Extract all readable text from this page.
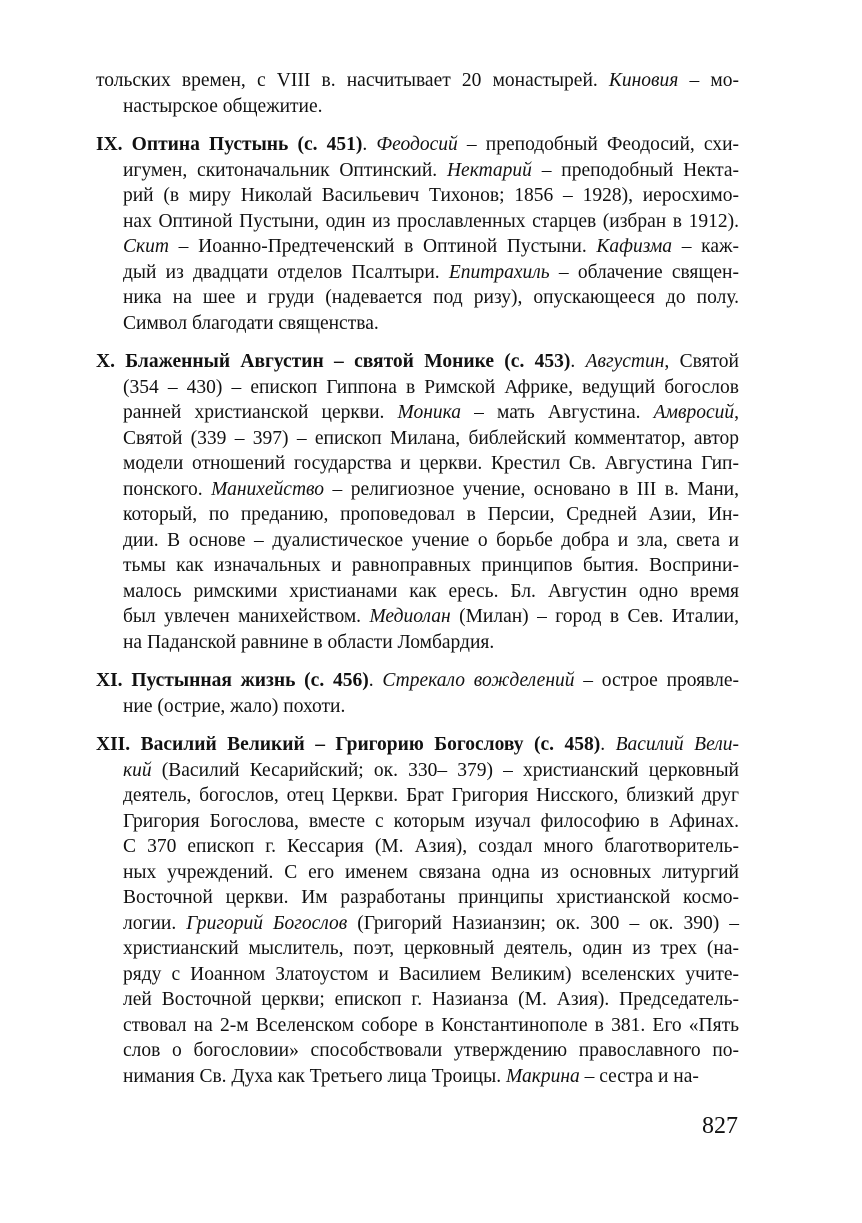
тольских времен, с VIII в. насчитывает 20 монастырей. Киновия – мо-
настырское общежитие.
IX. Оптина Пустынь (с. 451). Феодосий – преподобный Феодосий, схи-
игумен, скитоначальник Оптинский. Нектарий – преподобный Некта-
рий (в миру Николай Васильевич Тихонов; 1856 – 1928), иеросхимо-
нах Оптиной Пустыни, один из прославленных старцев (избран в 1912).
Скит – Иоанно-Предтеченский в Оптиной Пустыни. Кафизма – каж-
дый из двадцати отделов Псалтыри. Епитрахиль – облачение священ-
ника на шее и груди (надевается под ризу), опускающееся до полу.
Символ благодати священства.
X. Блаженный Августин – святой Монике (с. 453). Августин, Святой
(354 – 430) – епископ Гиппона в Римской Африке, ведущий богослов
ранней христианской церкви. Моника – мать Августина. Амвросий,
Святой (339 – 397) – епископ Милана, библейский комментатор, автор
модели отношений государства и церкви. Крестил Св. Августина Гип-
понского. Манихейство – религиозное учение, основано в III в. Мани,
который, по преданию, проповедовал в Персии, Средней Азии, Ин-
дии. В основе – дуалистическое учение о борьбе добра и зла, света и
тьмы как изначальных и равноправных принципов бытия. Восприни-
малось римскими христианами как ересь. Бл. Августин одно время
был увлечен манихейством. Медиолан (Милан) – город в Сев. Италии,
на Паданской равнине в области Ломбардия.
XI. Пустынная жизнь (с. 456). Стрекало вожделений – острое проявле-
ние (острие, жало) похоти.
XII. Василий Великий – Григорию Богослову (с. 458). Василий Вели-
кий (Василий Кесарийский; ок. 330– 379) – христианский церковный
деятель, богослов, отец Церкви. Брат Григория Нисского, близкий друг
Григория Богослова, вместе с которым изучал философию в Афинах.
С 370 епископ г. Кессария (М. Азия), создал много благотворитель-
ных учреждений. С его именем связана одна из основных литургий
Восточной церкви. Им разработаны принципы христианской космо-
логии. Григорий Богослов (Григорий Назианзин; ок. 300 – ок. 390) –
христианский мыслитель, поэт, церковный деятель, один из трех (на-
ряду с Иоанном Златоустом и Василием Великим) вселенских учите-
лей Восточной церкви; епископ г. Назианза (М. Азия). Председатель-
ствовал на 2-м Вселенском соборе в Константинополе в 381. Его «Пять
слов о богословии» способствовали утверждению православного по-
нимания Св. Духа как Третьего лица Троицы. Макрина – сестра и на-
827
